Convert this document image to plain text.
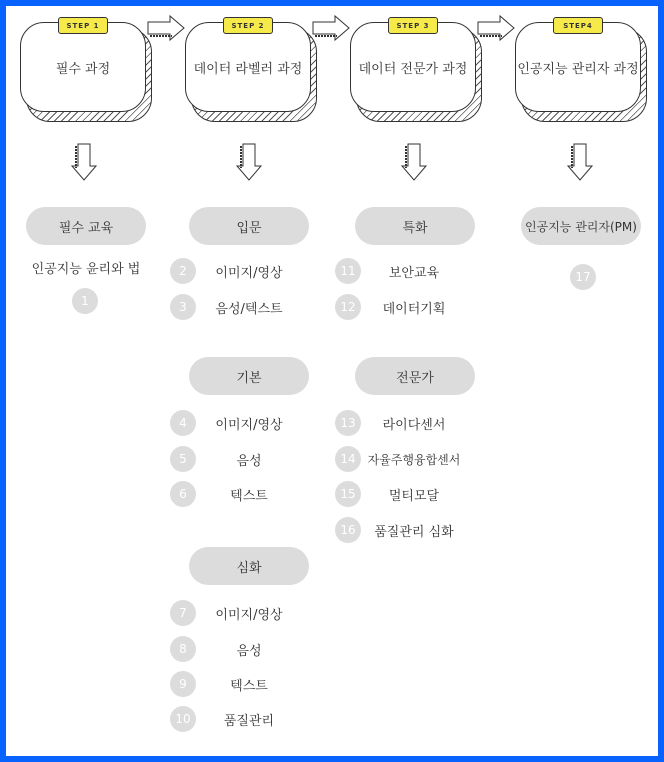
필수 과정
STEP 1
데이터 라벨러 과정
STEP 2
데이터 전문가 과정
STEP 3
인공지능 관리자 과정
STEP4
필수 교육
인공지능 윤리와 법
1
입문
2	이미지/영상
3	음성/텍스트
기본
4	이미지/영상
5	음성
6	텍스트
심화
7	이미지/영상
8	음성
9	텍스트
10	품질관리
특화
11	보안교육
12	데이터기획
전문가
13	라이다센서
14 자율주행융합센서
15	멀티모달
16	품질관리 심화
인공지능 관리자(PM)
17
